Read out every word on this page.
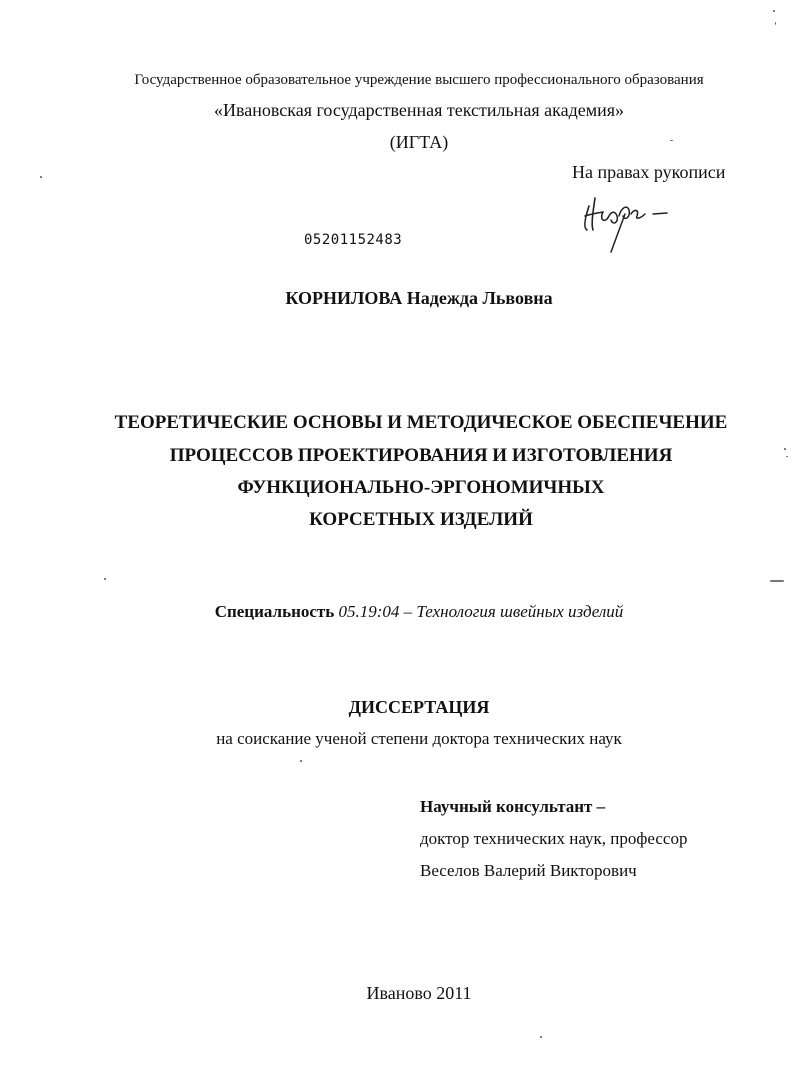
Государственное образовательное учреждение высшего профессионального образования
«Ивановская государственная текстильная академия»
(ИГТА)
На правах рукописи
05201152483
КОРНИЛОВА Надежда Львовна
ТЕОРЕТИЧЕСКИЕ ОСНОВЫ И МЕТОДИЧЕСКОЕ ОБЕСПЕЧЕНИЕ
ПРОЦЕССОВ ПРОЕКТИРОВАНИЯ И ИЗГОТОВЛЕНИЯ
ФУНКЦИОНАЛЬНО-ЭРГОНОМИЧНЫХ
КОРСЕТНЫХ ИЗДЕЛИЙ
Специальность 05.19:04 – Технология швейных изделий
ДИССЕРТАЦИЯ
на соискание ученой степени доктора технических наук
Научный консультант –
доктор технических наук, профессор
Веселов Валерий Викторович
Иваново 2011
